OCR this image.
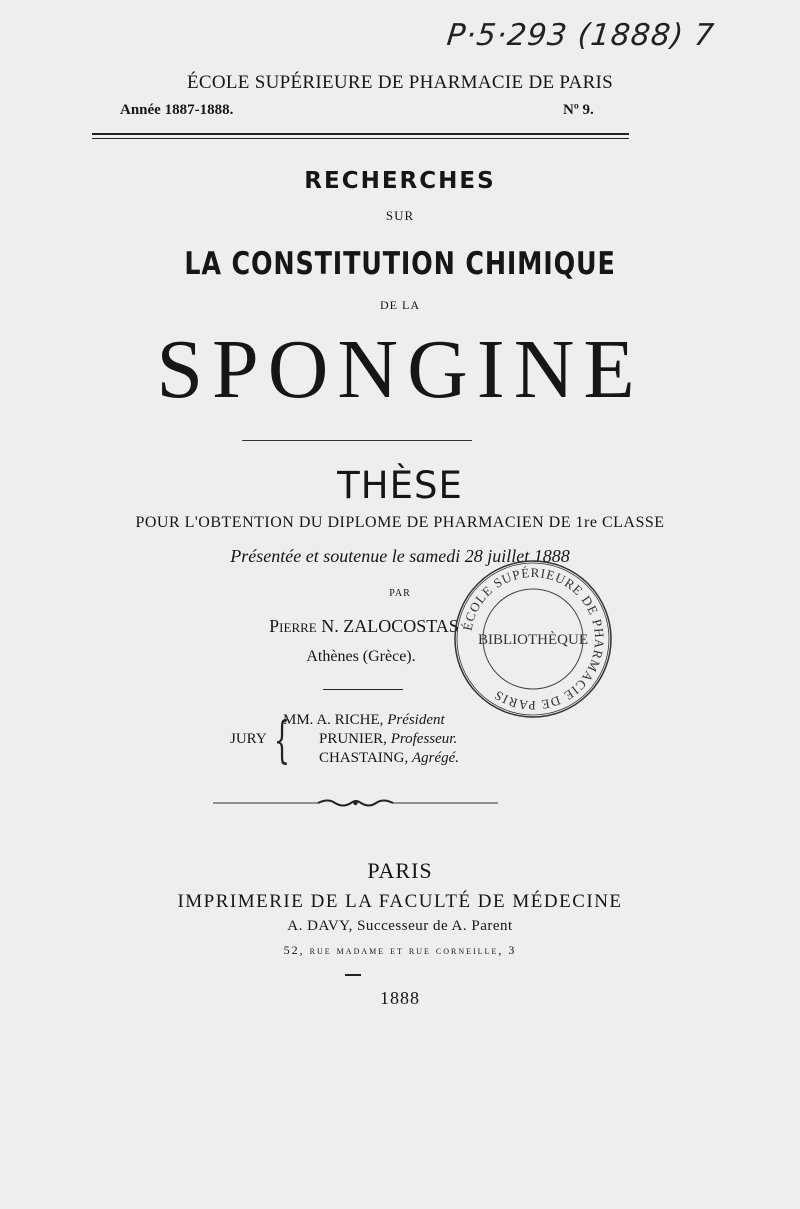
P·5·293 (1888) 7
ÉCOLE SUPÉRIEURE DE PHARMACIE DE PARIS
Année 1887-1888.	Nº 9.
RECHERCHES
SUR
LA CONSTITUTION CHIMIQUE
DE LA
SPONGINE
THÈSE
POUR L'OBTENTION DU DIPLOME DE PHARMACIEN DE 1re CLASSE
Présentée et soutenue le samedi 28 juillet 1888
PAR
Pierre N. ZALOCOSTAS
Athènes (Grèce).
JURY {
MM. A. RICHE, Président
PRUNIER, Professeur.
CHASTAING, Agrégé.
PARIS
IMPRIMERIE DE LA FACULTÉ DE MÉDECINE
A. DAVY, Successeur de A. Parent
52, rue madame et rue corneille, 3
1888
ÉCOLE SUPÉRIEURE DE PHARMACIE DE PARIS
BIBLIOTHÈQUE
